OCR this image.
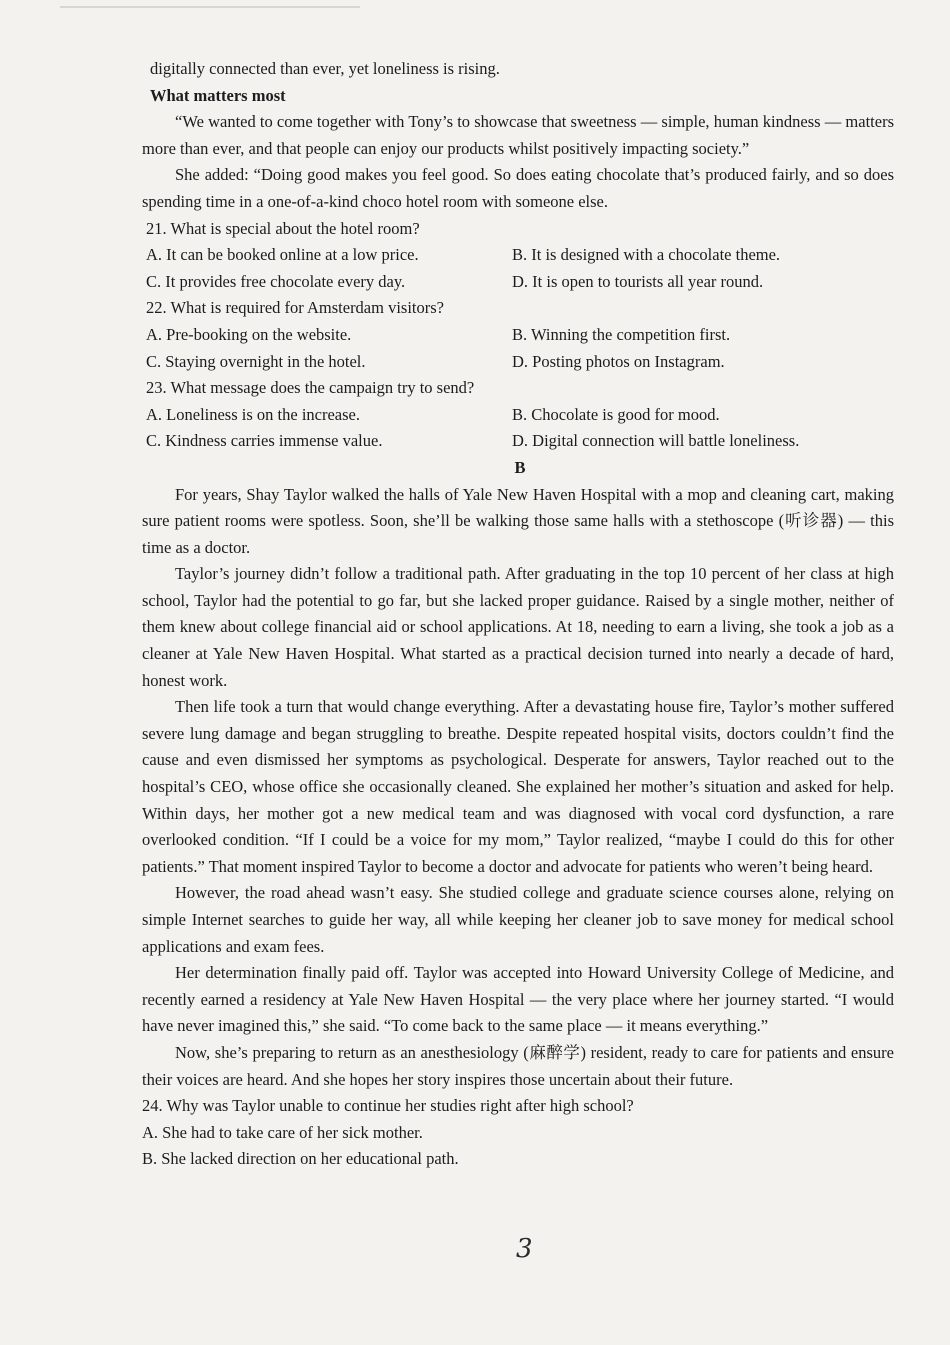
digitally connected than ever, yet loneliness is rising.

What matters most

“We wanted to come together with Tony’s to showcase that sweetness — simple, human kindness — matters more than ever, and that people can enjoy our products whilst positively impacting society.”

She added: “Doing good makes you feel good. So does eating chocolate that’s produced fairly, and so does spending time in a one-of-a-kind choco hotel room with someone else.

21. What is special about the hotel room?

A. It can be booked online at a low price.	B. It is designed with a chocolate theme.
C. It provides free chocolate every day.	D. It is open to tourists all year round.

22. What is required for Amsterdam visitors?

A. Pre-booking on the website.	B. Winning the competition first.
C. Staying overnight in the hotel.	D. Posting photos on Instagram.

23. What message does the campaign try to send?

A. Loneliness is on the increase.	B. Chocolate is good for mood.
C. Kindness carries immense value.	D. Digital connection will battle loneliness.

B

For years, Shay Taylor walked the halls of Yale New Haven Hospital with a mop and cleaning cart, making sure patient rooms were spotless. Soon, she’ll be walking those same halls with a stethoscope (听诊器) — this time as a doctor.

Taylor’s journey didn’t follow a traditional path. After graduating in the top 10 percent of her class at high school, Taylor had the potential to go far, but she lacked proper guidance. Raised by a single mother, neither of them knew about college financial aid or school applications. At 18, needing to earn a living, she took a job as a cleaner at Yale New Haven Hospital. What started as a practical decision turned into nearly a decade of hard, honest work.

Then life took a turn that would change everything. After a devastating house fire, Taylor’s mother suffered severe lung damage and began struggling to breathe. Despite repeated hospital visits, doctors couldn’t find the cause and even dismissed her symptoms as psychological. Desperate for answers, Taylor reached out to the hospital’s CEO, whose office she occasionally cleaned. She explained her mother’s situation and asked for help. Within days, her mother got a new medical team and was diagnosed with vocal cord dysfunction, a rare overlooked condition. “If I could be a voice for my mom,” Taylor realized, “maybe I could do this for other patients.” That moment inspired Taylor to become a doctor and advocate for patients who weren’t being heard.

However, the road ahead wasn’t easy. She studied college and graduate science courses alone, relying on simple Internet searches to guide her way, all while keeping her cleaner job to save money for medical school applications and exam fees.

Her determination finally paid off. Taylor was accepted into Howard University College of Medicine, and recently earned a residency at Yale New Haven Hospital — the very place where her journey started. “I would have never imagined this,” she said. “To come back to the same place — it means everything.”

Now, she’s preparing to return as an anesthesiology (麻醉学) resident, ready to care for patients and ensure their voices are heard. And she hopes her story inspires those uncertain about their future.

24. Why was Taylor unable to continue her studies right after high school?

A. She had to take care of her sick mother.

B. She lacked direction on her educational path.

3
